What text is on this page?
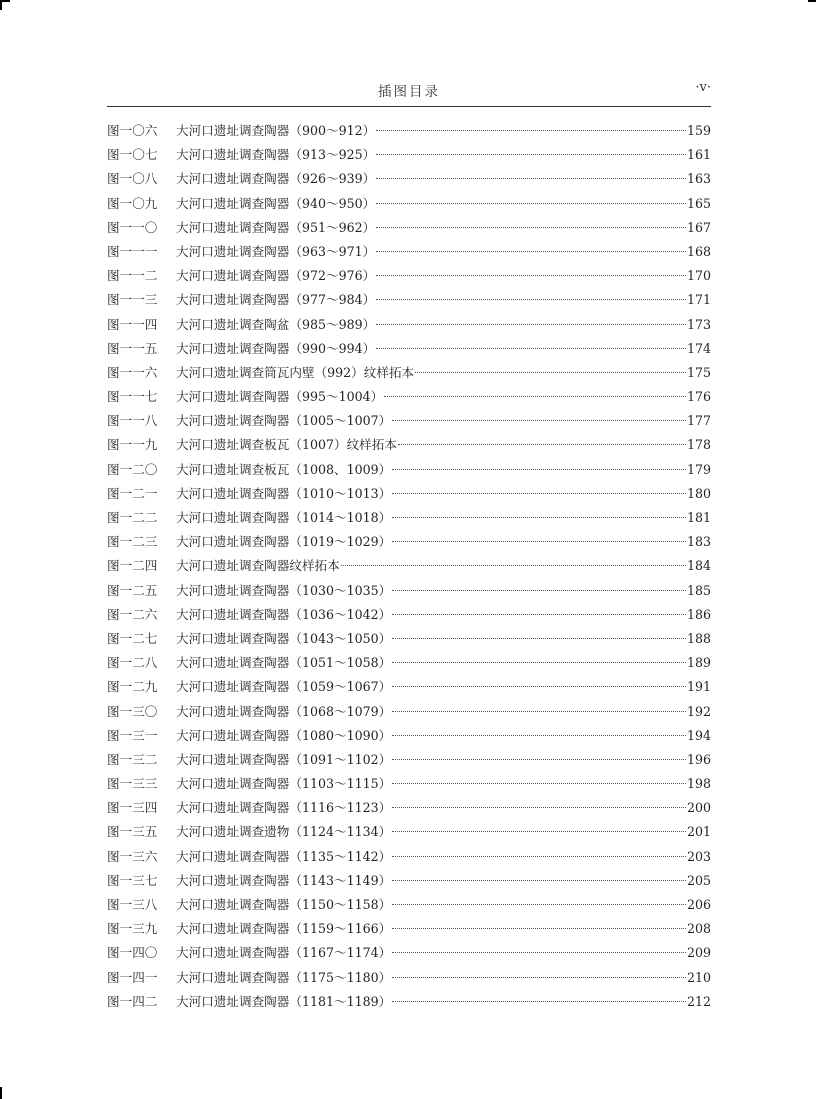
插图目录	·v·
图一〇六	大河口遗址调查陶器（900～912）	159
图一〇七	大河口遗址调查陶器（913～925）	161
图一〇八	大河口遗址调查陶器（926～939）	163
图一〇九	大河口遗址调查陶器（940～950）	165
图一一〇	大河口遗址调查陶器（951～962）	167
图一一一	大河口遗址调查陶器（963～971）	168
图一一二	大河口遗址调查陶器（972～976）	170
图一一三	大河口遗址调查陶器（977～984）	171
图一一四	大河口遗址调查陶盆（985～989）	173
图一一五	大河口遗址调查陶器（990～994）	174
图一一六	大河口遗址调查筒瓦内壁（992）纹样拓本	175
图一一七	大河口遗址调查陶器（995～1004）	176
图一一八	大河口遗址调查陶器（1005～1007）	177
图一一九	大河口遗址调查板瓦（1007）纹样拓本	178
图一二〇	大河口遗址调查板瓦（1008、1009）	179
图一二一	大河口遗址调查陶器（1010～1013）	180
图一二二	大河口遗址调查陶器（1014～1018）	181
图一二三	大河口遗址调查陶器（1019～1029）	183
图一二四	大河口遗址调查陶器纹样拓本	184
图一二五	大河口遗址调查陶器（1030～1035）	185
图一二六	大河口遗址调查陶器（1036～1042）	186
图一二七	大河口遗址调查陶器（1043～1050）	188
图一二八	大河口遗址调查陶器（1051～1058）	189
图一二九	大河口遗址调查陶器（1059～1067）	191
图一三〇	大河口遗址调查陶器（1068～1079）	192
图一三一	大河口遗址调查陶器（1080～1090）	194
图一三二	大河口遗址调查陶器（1091～1102）	196
图一三三	大河口遗址调查陶器（1103～1115）	198
图一三四	大河口遗址调查陶器（1116～1123）	200
图一三五	大河口遗址调查遗物（1124～1134）	201
图一三六	大河口遗址调查陶器（1135～1142）	203
图一三七	大河口遗址调查陶器（1143～1149）	205
图一三八	大河口遗址调查陶器（1150～1158）	206
图一三九	大河口遗址调查陶器（1159～1166）	208
图一四〇	大河口遗址调查陶器（1167～1174）	209
图一四一	大河口遗址调查陶器（1175～1180）	210
图一四二	大河口遗址调查陶器（1181～1189）	212
